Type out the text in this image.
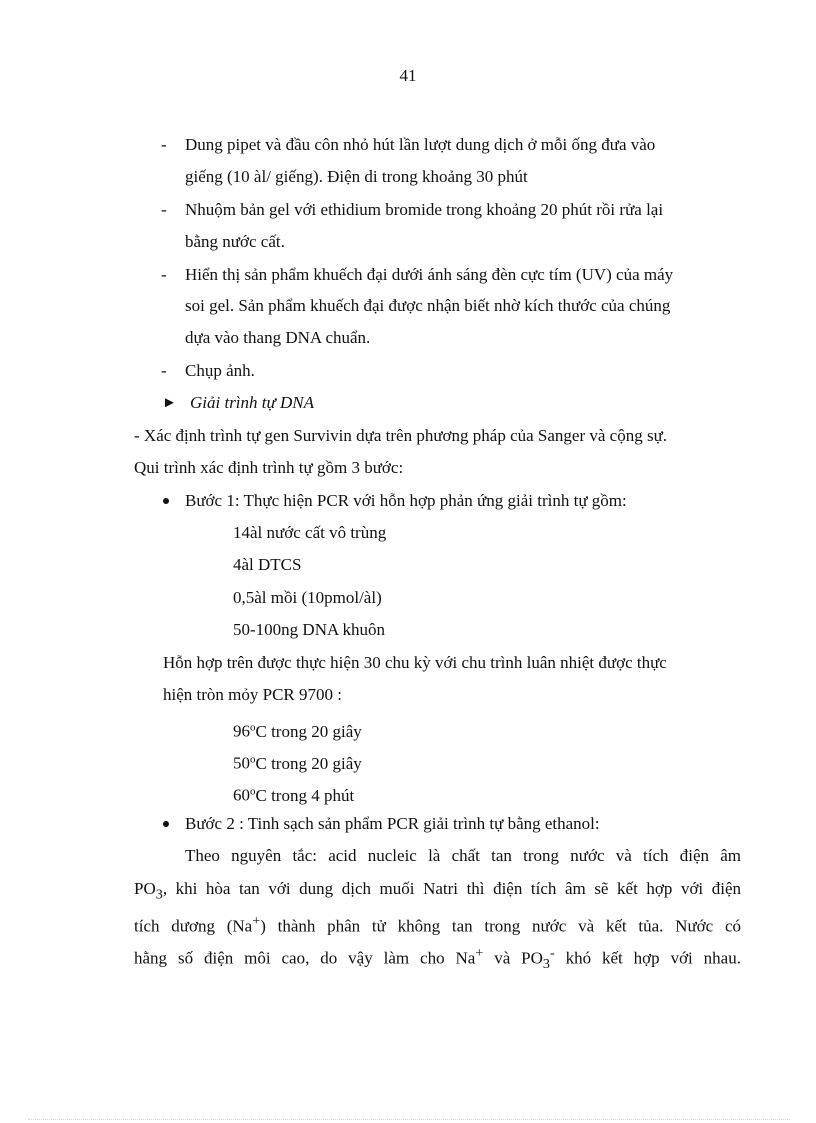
41
- Dung pipet và đầu côn nhỏ hút lần lượt dung dịch ở mỗi ống đưa vào
giếng (10 àl/ giếng). Điện di trong khoảng 30 phút
- Nhuộm bản gel với ethidium bromide trong khoảng 20 phút rồi rửa lại
bằng nước cất.
- Hiển thị sản phẩm khuếch đại dưới ánh sáng đèn cực tím (UV) của máy
soi gel. Sản phẩm khuếch đại được nhận biết nhờ kích thước của chúng
dựa vào thang DNA chuẩn.
- Chụp ảnh.
► Giải trình tự DNA
- Xác định trình tự gen Survivin dựa trên phương pháp của Sanger và cộng sự.
Qui trình xác định trình tự gồm 3 bước:
Bước 1: Thực hiện PCR với hỗn hợp phản ứng giải trình tự gồm:
14àl nước cất vô trùng
4àl DTCS
0,5àl mồi (10pmol/àl)
50-100ng DNA khuôn
Hỗn hợp trên được thực hiện 30 chu kỳ với chu trình luân nhiệt được thực
hiện tròn mỏy PCR 9700 :
96$^o$C trong 20 giây
50$^o$C trong 20 giây
60$^o$C trong 4 phút
Bước 2 : Tinh sạch sản phẩm PCR giải trình tự bằng ethanol:
Theo nguyên tắc: acid nucleic là chất tan trong nước và tích điện âm
$PO_3$, khi hòa tan với dung dịch muối Natri thì điện tích âm sẽ kết hợp với điện
tích dương (Na+) thành phân tử không tan trong nước và kết tủa. Nước có
hằng số điện môi cao, do vậy làm cho Na+ và $PO_3^-$ khó kết hợp với nhau.
